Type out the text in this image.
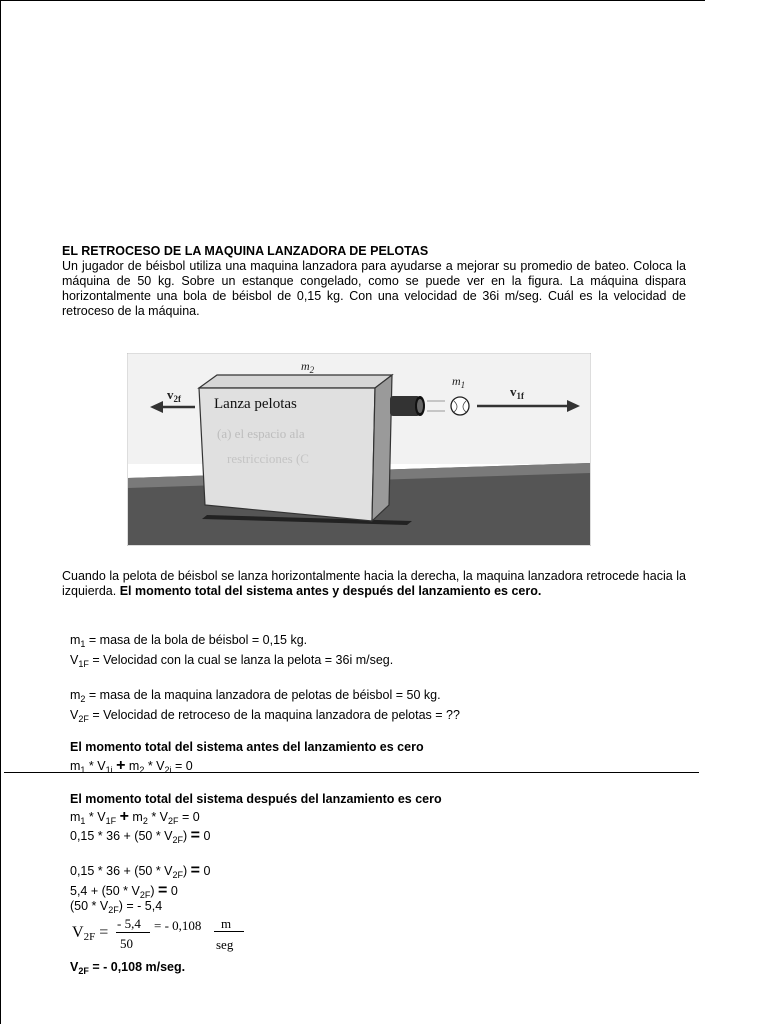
EL RETROCESO DE LA MAQUINA LANZADORA DE PELOTAS
Un jugador de béisbol utiliza una maquina lanzadora para ayudarse a mejorar su promedio de bateo. Coloca la máquina de 50 kg. Sobre un estanque congelado, como se puede ver en la figura. La máquina dispara horizontalmente una bola de béisbol de 0,15 kg. Con una velocidad de 36i m/seg. Cuál es la velocidad de retroceso de la máquina.
(a) el espacio ala
restricciones (C
Lanza pelotas
$m_2$
$m_1$	$v_{1f}$
$v_{2f}$
Cuando la pelota de béisbol se lanza horizontalmente hacia la derecha, la maquina lanzadora retrocede hacia la izquierda. El momento total del sistema antes y después del lanzamiento es cero.
$m_1$ = masa de la bola de béisbol = 0,15 kg.
$V_{1F}$ = Velocidad con la cual se lanza la pelota = 36i m/seg.
$m_2$ = masa de la maquina lanzadora de pelotas de béisbol = 50 kg.
$V_{2F}$ = Velocidad de retroceso de la maquina lanzadora de pelotas = ??
El momento total del sistema antes del lanzamiento es cero
$m_1 * V_{1i} + m_2 * V_{2i} = 0$
El momento total del sistema después del lanzamiento es cero
$m_1 * V_{1F} + m_2 * V_{2F} = 0$
$0,15 * 36 + (50 * V_{2F}) = 0$
$0,15 * 36 + (50 * V_{2F}) = 0$
$5,4 + (50 * V_{2F}) = 0$
$(50 * V_{2F})$ = - 5,4
$V_{2F}$ =
- 5,4
50
= - 0,108 m
seg
$V_{2F}$ = - 0,108 m/seg.
